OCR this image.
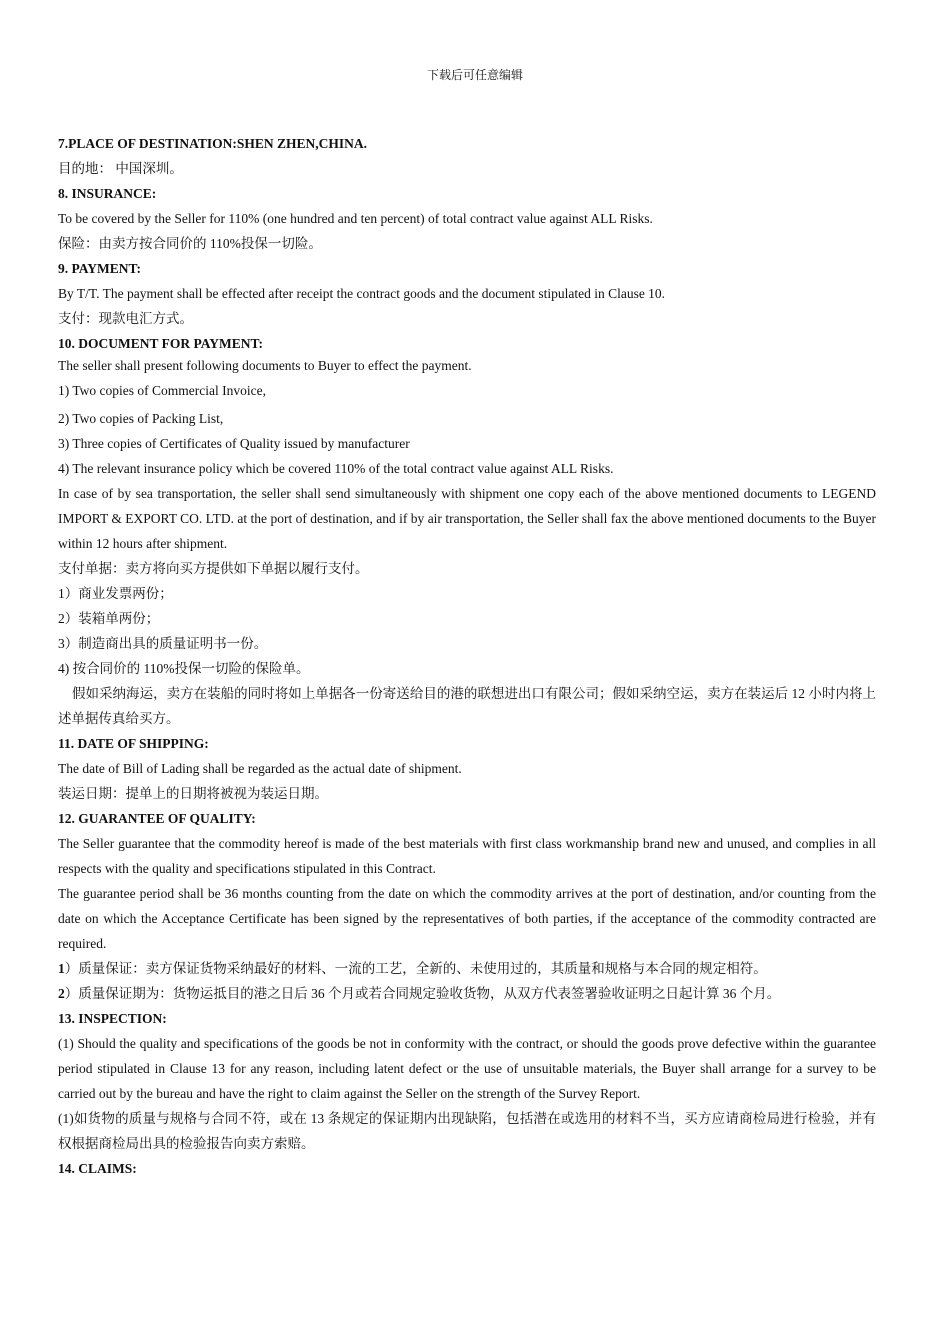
下载后可任意编辑

7.PLACE OF DESTINATION:SHEN ZHEN,CHINA.

目的地： 中国深圳。

8. INSURANCE:

To be covered by the Seller for 110% (one hundred and ten percent) of total contract value against ALL Risks.

保险：由卖方按合同价的 110%投保一切险。

9. PAYMENT:

By T/T. The payment shall be effected after receipt the contract goods and the document stipulated in Clause 10.

支付：现款电汇方式。

10. DOCUMENT FOR PAYMENT:

The seller shall present following documents to Buyer to effect the payment.

1) Two copies of Commercial Invoice,

2) Two copies of Packing List,

3) Three copies of Certificates of Quality issued by manufacturer

4) The relevant insurance policy which be covered 110% of the total contract value against ALL Risks.

In case of by sea transportation, the seller shall send simultaneously with shipment one copy each of the above mentioned documents to LEGEND IMPORT & EXPORT CO. LTD. at the port of destination, and if by air transportation, the Seller shall fax the above mentioned documents to the Buyer within 12 hours after shipment.

支付单据：卖方将向买方提供如下单据以履行支付。

1）商业发票两份；

2）装箱单两份；

3）制造商出具的质量证明书一份。

4) 按合同价的 110%投保一切险的保险单。

假如采纳海运，卖方在装船的同时将如上单据各一份寄送给目的港的联想进出口有限公司；假如采纳空运，卖方在装运后 12 小时内将上述单据传真给买方。

11. DATE OF SHIPPING:

The date of Bill of Lading shall be regarded as the actual date of shipment.

装运日期：提单上的日期将被视为装运日期。

12. GUARANTEE OF QUALITY:

The Seller guarantee that the commodity hereof is made of the best materials with first class workmanship brand new and unused, and complies in all respects with the quality and specifications stipulated in this Contract.

The guarantee period shall be 36 months counting from the date on which the commodity arrives at the port of destination, and/or counting from the date on which the Acceptance Certificate has been signed by the representatives of both parties, if the acceptance of the commodity contracted are required.

1）质量保证：卖方保证货物采纳最好的材料、一流的工艺，全新的、未使用过的，其质量和规格与本合同的规定相符。

2）质量保证期为：货物运抵目的港之日后 36 个月或若合同规定验收货物，从双方代表签署验收证明之日起计算 36 个月。

13. INSPECTION:

(1) Should the quality and specifications of the goods be not in conformity with the contract, or should the goods prove defective within the guarantee period stipulated in Clause 13 for any reason, including latent defect or the use of unsuitable materials, the Buyer shall arrange for a survey to be carried out by the bureau and have the right to claim against the Seller on the strength of the Survey Report.

(1)如货物的质量与规格与合同不符，或在 13 条规定的保证期内出现缺陷，包括潜在或选用的材料不当，买方应请商检局进行检验，并有权根据商检局出具的检验报告向卖方索赔。

14. CLAIMS:
